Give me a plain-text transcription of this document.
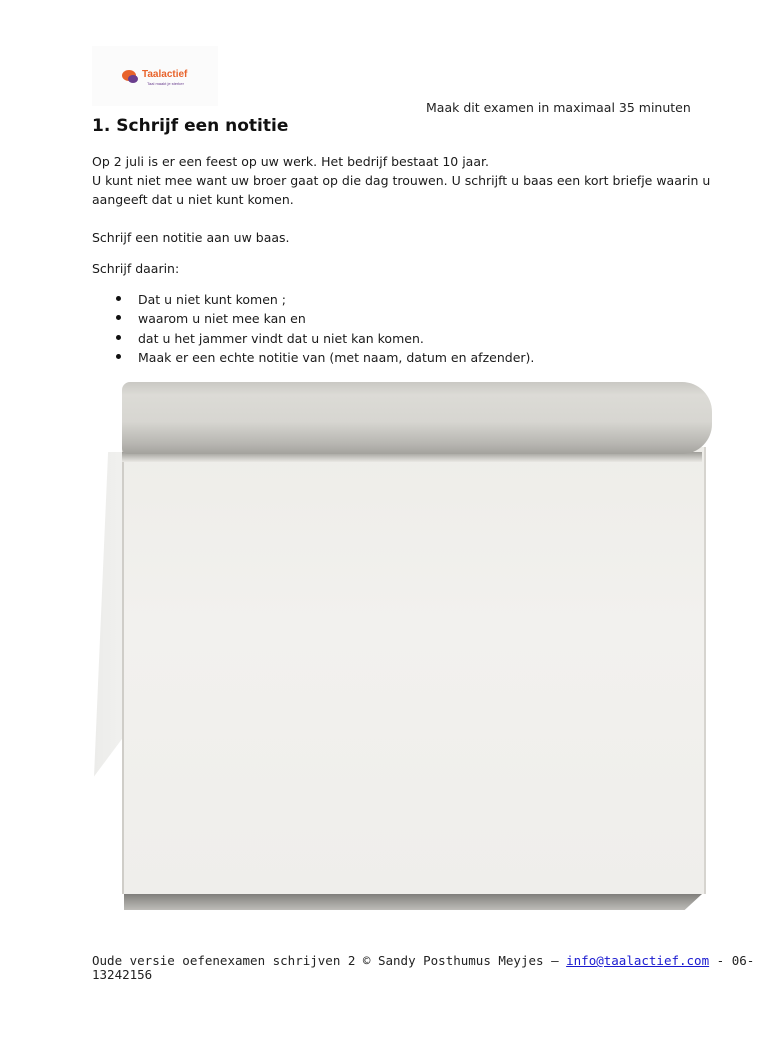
Taalactief
Taal maakt je sterker
Maak dit examen in maximaal 35 minuten
1. Schrijf een notitie
Op 2 juli is er een feest op uw werk. Het bedrijf bestaat 10 jaar.
U kunt niet mee want uw broer gaat op die dag trouwen. U schrijft u baas een kort briefje waarin u
aangeeft dat u niet kunt komen.
Schrijf een notitie aan uw baas.
Schrijf daarin:
Dat u niet kunt komen ;
waarom u niet mee kan en
dat u het jammer vindt dat u niet kan komen.
Maak er een echte notitie van (met naam, datum en afzender).
Oude versie oefenexamen schrijven 2 © Sandy Posthumus Meyjes – info@taalactief.com - 06-
13242156
